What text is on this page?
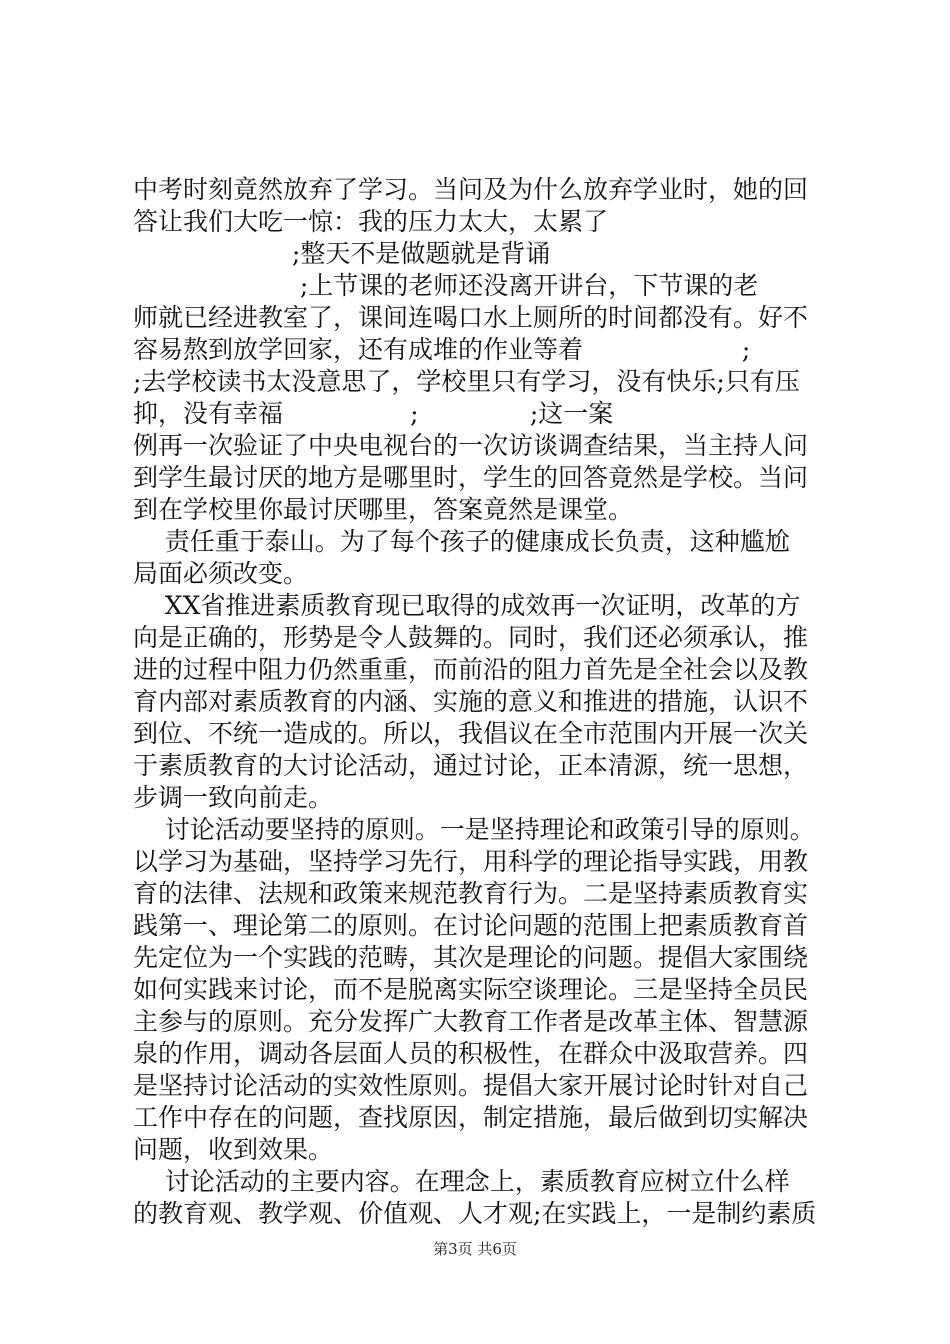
中考时刻竟然放弃了学习。当问及为什么放弃学业时，她的回
答让我们大吃一惊：我的压力太大，太累了
;整天不是做题就是背诵
;上节课的老师还没离开讲台，下节课的老
师就已经进教室了，课间连喝口水上厕所的时间都没有。好不
容易熬到放学回家，还有成堆的作业等着                    ;
;去学校读书太没意思了，学校里只有学习，没有快乐;只有压
抑，没有幸福                ;              ;这一案
例再一次验证了中央电视台的一次访谈调查结果，当主持人问
到学生最讨厌的地方是哪里时，学生的回答竟然是学校。当问
到在学校里你最讨厌哪里，答案竟然是课堂。
责任重于泰山。为了每个孩子的健康成长负责，这种尴尬
局面必须改变。
XX省推进素质教育现已取得的成效再一次证明，改革的方
向是正确的，形势是令人鼓舞的。同时，我们还必须承认，推
进的过程中阻力仍然重重，而前沿的阻力首先是全社会以及教
育内部对素质教育的内涵、实施的意义和推进的措施，认识不
到位、不统一造成的。所以，我倡议在全市范围内开展一次关
于素质教育的大讨论活动，通过讨论，正本清源，统一思想，
步调一致向前走。
讨论活动要坚持的原则。一是坚持理论和政策引导的原则。
以学习为基础，坚持学习先行，用科学的理论指导实践，用教
育的法律、法规和政策来规范教育行为。二是坚持素质教育实
践第一、理论第二的原则。在讨论问题的范围上把素质教育首
先定位为一个实践的范畴，其次是理论的问题。提倡大家围绕
如何实践来讨论，而不是脱离实际空谈理论。三是坚持全员民
主参与的原则。充分发挥广大教育工作者是改革主体、智慧源
泉的作用，调动各层面人员的积极性，在群众中汲取营养。四
是坚持讨论活动的实效性原则。提倡大家开展讨论时针对自己
工作中存在的问题，查找原因，制定措施，最后做到切实解决
问题，收到效果。
讨论活动的主要内容。在理念上，素质教育应树立什么样
的教育观、教学观、价值观、人才观;在实践上，一是制约素质
第3页 共6页
